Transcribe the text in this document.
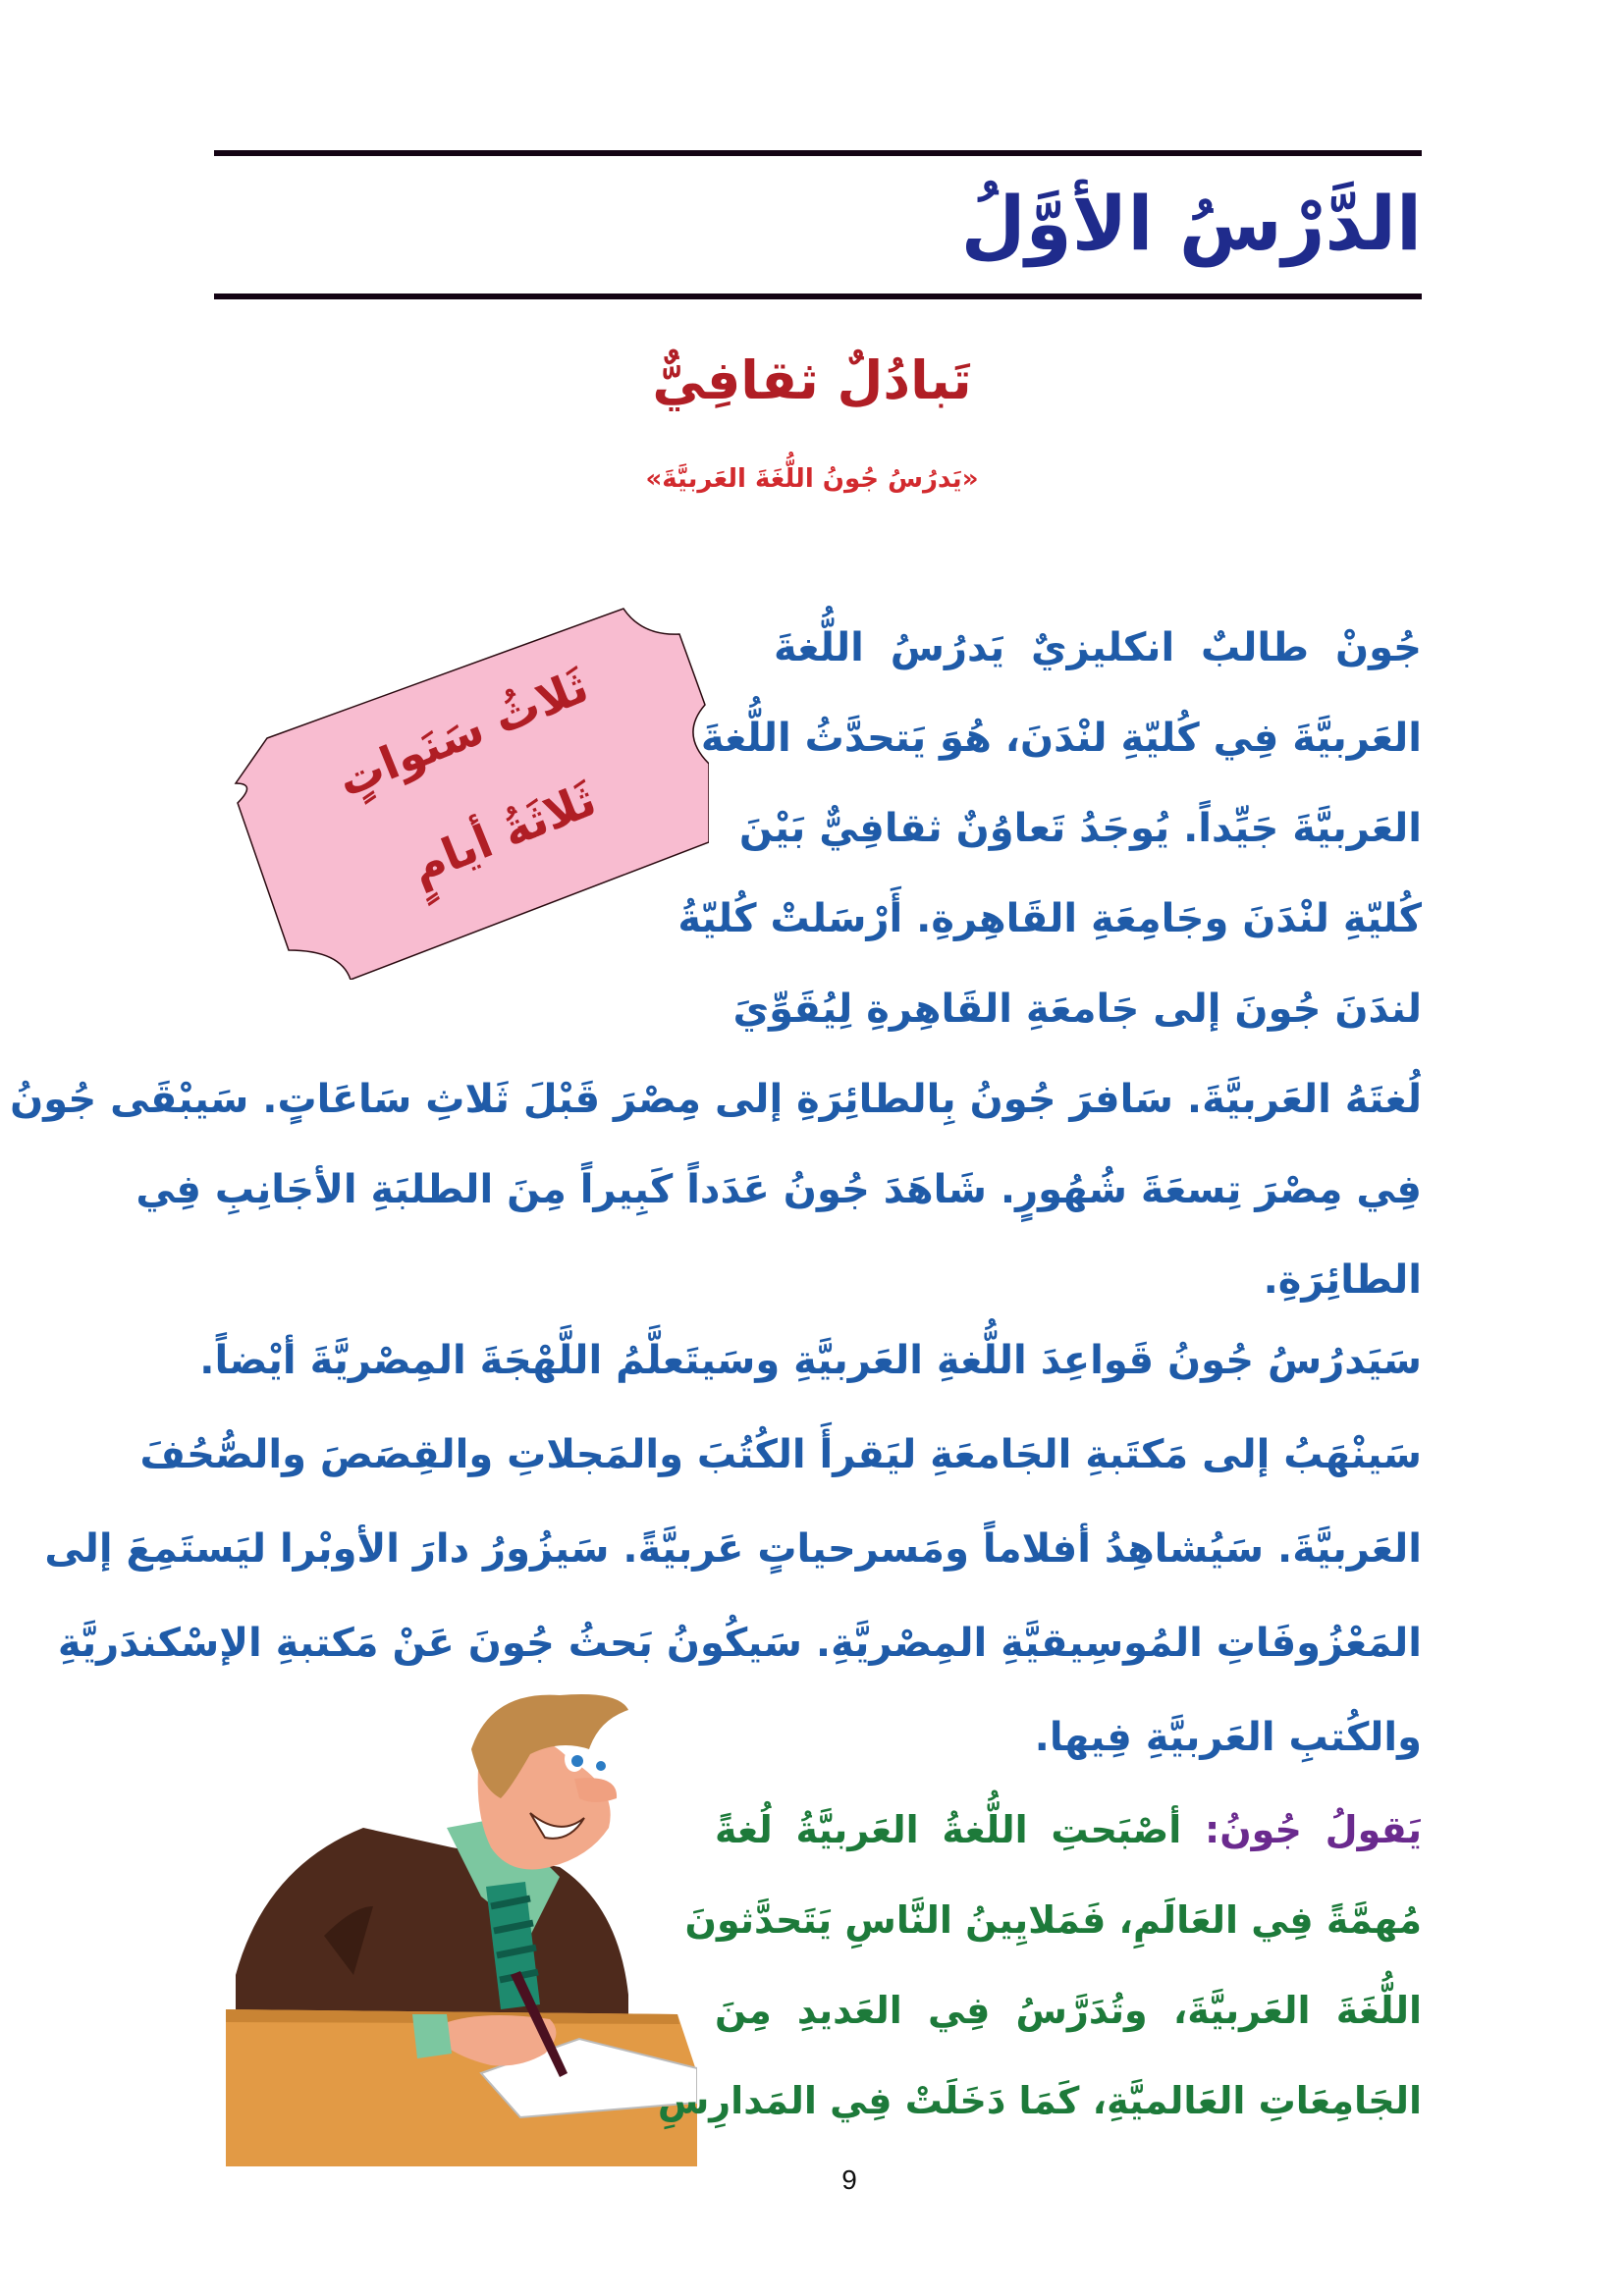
الدَّرْسُ الأوَّلُ
تَبادُلٌ ثقافِيٌّ
«يَدرُسُ جُونُ اللُّغَةَ العَربيَّةَ»
ثَلاثُ سَنَواتٍ
ثَلاثَةُ أيامٍ
جُونْ طالبٌ انكليزيٌ يَدرُسُ اللُّغةَ
العَربيَّةَ فِي كُليّةِ لنْدَنَ، هُوَ يَتحدَّثُ اللُّغةَ
العَربيَّةَ جَيِّداً. يُوجَدُ تَعاوُنٌ ثقافِيٌّ بَيْنَ
كُليّةِ لنْدَنَ وجَامِعَةِ القَاهِرةِ. أَرْسَلتْ كُليّةُ
لندَنَ جُونَ إلى جَامعَةِ القَاهِرةِ لِيُقَوِّيَ
لُغتَهُ العَربيَّةَ. سَافرَ جُونُ بِالطائِرَةِ إلى مِصْرَ قَبْلَ ثَلاثِ سَاعَاتٍ. سَيبْقَى جُونُ
فِي مِصْرَ تِسعَةَ شُهُورٍ. شَاهَدَ جُونُ عَدَداً كَبِيراً مِنَ الطلبَةِ الأجَانِبِ فِي
الطائِرَةِ.
سَيَدرُسُ جُونُ قَواعِدَ اللُّغةِ العَربيَّةِ وسَيتَعلَّمُ اللَّهْجَةَ المِصْريَّةَ أيْضاً.
سَينْهَبُ إلى مَكتَبةِ الجَامعَةِ ليَقرأَ الكُتُبَ والمَجلاتِ والقِصَصَ والصُّحُفَ
العَربيَّةَ. سَيُشاهِدُ أفلاماً ومَسرحياتٍ عَربيَّةً. سَيزُورُ دارَ الأوبْرا ليَستَمِعَ إلى
المَعْزُوفَاتِ المُوسِيقيَّةِ المِصْريَّةِ. سَيكُونُ بَحثُ جُونَ عَنْ مَكتبةِ الإسْكندَريَّةِ
والكُتبِ العَربيَّةِ فِيها.
يَقولُ جُونُ: أصْبَحتِ اللُّغةُ العَربيَّةُ لُغةً
مُهمَّةً فِي العَالَمِ، فَمَلايِينُ النَّاسِ يَتَحدَّثونَ
اللُّغَةَ العَربيَّةَ، وتُدَرَّسُ فِي العَديدِ مِنَ
الجَامِعَاتِ العَالميَّةِ، كَمَا دَخَلَتْ فِي المَدارِسِ
9
